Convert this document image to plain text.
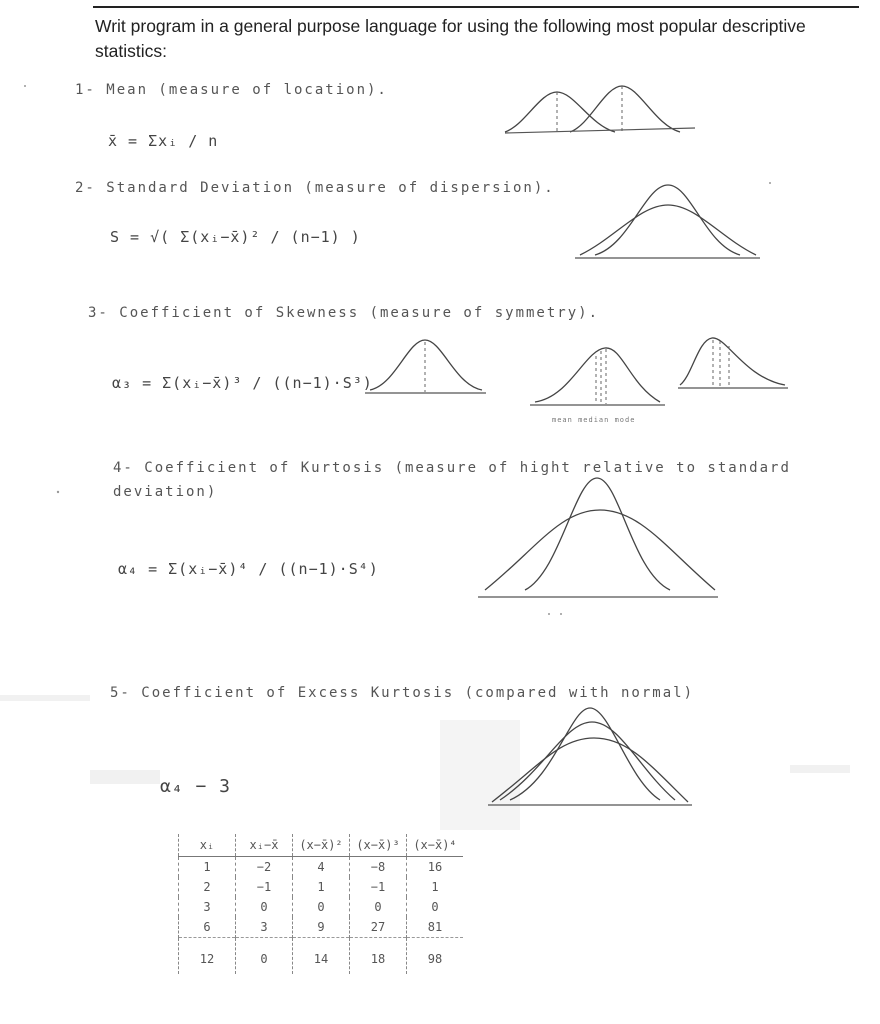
Writ program in a general purpose language for using the following most popular descriptive statistics:
1- Mean (measure of location).
x̄ = Σxᵢ / n
2- Standard Deviation (measure of dispersion).
S = √( Σ(xᵢ−x̄)² / (n−1) )
3- Coefficient of Skewness (measure of symmetry).
α₃ = Σ(xᵢ−x̄)³ / ((n−1)·S³)
mean median mode
4- Coefficient of Kurtosis (measure of hight relative to standard deviation)
α₄ = Σ(xᵢ−x̄)⁴ / ((n−1)·S⁴)
5- Coefficient of Excess Kurtosis (compared with normal)
α₄ − 3
xᵢ	xᵢ−x̄	(x−x̄)²	(x−x̄)³	(x−x̄)⁴
1	−2	4	−8	16
2	−1	1	−1	1
3	0	0	0	0
6	3	9	27	81
12	0	14	18	98
